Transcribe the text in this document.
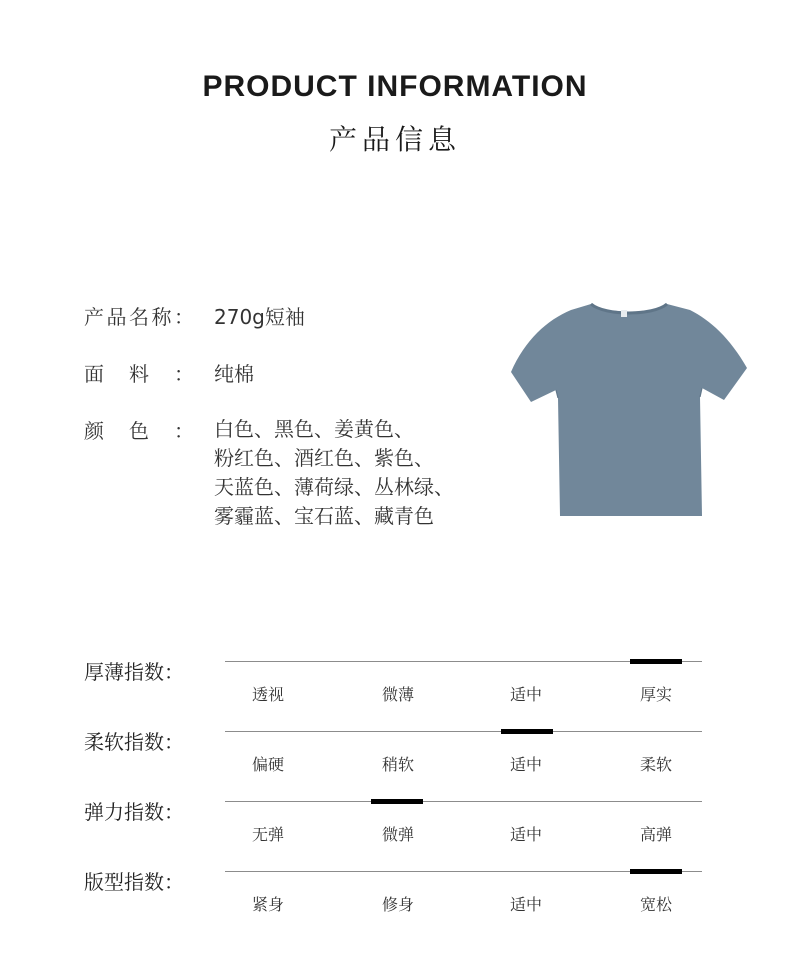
PRODUCT INFORMATION
产品信息
产 品 名 称 ： 270g短袖
面 料 ： 纯棉
颜 色 ： 白色、黑色、姜黄色、
粉红色、酒红色、紫色、
天蓝色、薄荷绿、丛林绿、
雾霾蓝、宝石蓝、藏青色
厚薄指数：
透视	微薄	适中	厚实
柔软指数：
偏硬	稍软	适中	柔软
弹力指数：
无弹	微弹	适中	高弹
版型指数：
紧身	修身	适中	宽松
